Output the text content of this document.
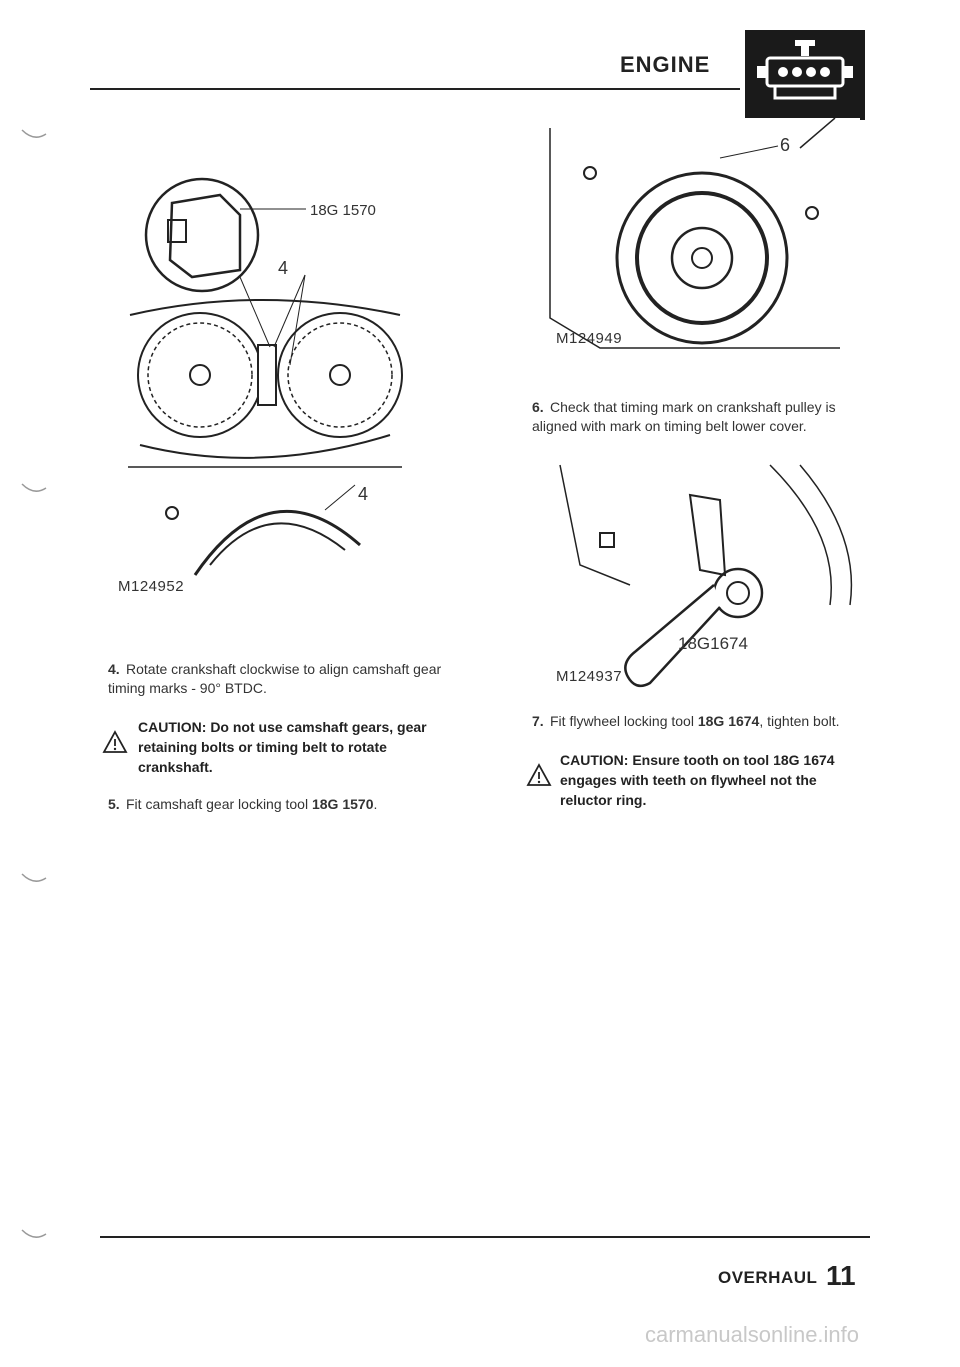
ENGINE
18G 1570
4
4
M124952
6
M124949
18G1674
M124937
4. Rotate crankshaft clockwise to align camshaft gear timing marks - 90° BTDC.
CAUTION: Do not use camshaft gears, gear retaining bolts or timing belt to rotate crankshaft.
5. Fit camshaft gear locking tool 18G 1570.
6. Check that timing mark on crankshaft pulley is aligned with mark on timing belt lower cover.
7. Fit flywheel locking tool 18G 1674, tighten bolt.
CAUTION: Ensure tooth on tool 18G 1674 engages with teeth on flywheel not the reluctor ring.
OVERHAUL 11
carmanualsonline.info
